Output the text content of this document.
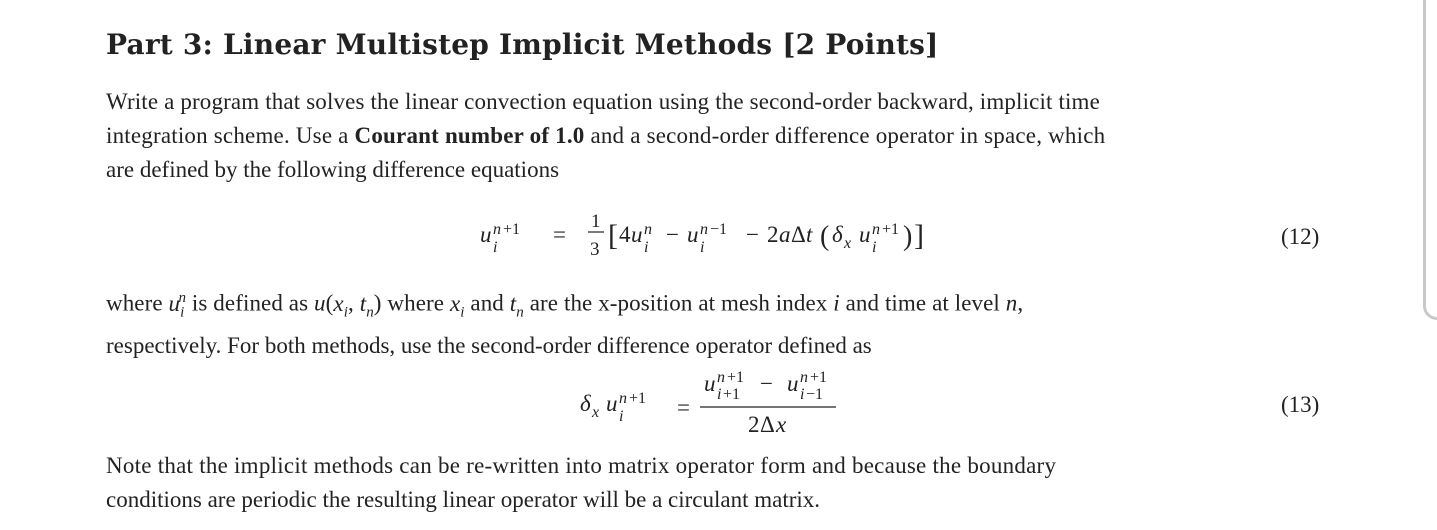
Part 3: Linear Multistep Implicit Methods [2 Points]
Write a program that solves the linear convection equation using the second-order backward, implicit time
integration scheme. Use a Courant number of 1.0 and a second-order difference operator in space, which
are defined by the following difference equations
u n +1
i
=
1
3 [ 4 u n
i
− u n −1
i
− 2 a Δ t ( δ x u n +1
i ) ]	(12)
where $u_i^n$ is defined as $u(x_i$, $t_n$) where $x_i$ and $t_n$ are the x-position at mesh index i and time at level n,
respectively. For both methods, use the second-order difference operator defined as
δ x u n +1
i =
u n +1
i +1 − u n +1
i −1
2 Δ x
(13)
Note that the implicit methods can be re-written into matrix operator form and because the boundary
conditions are periodic the resulting linear operator will be a circulant matrix.
